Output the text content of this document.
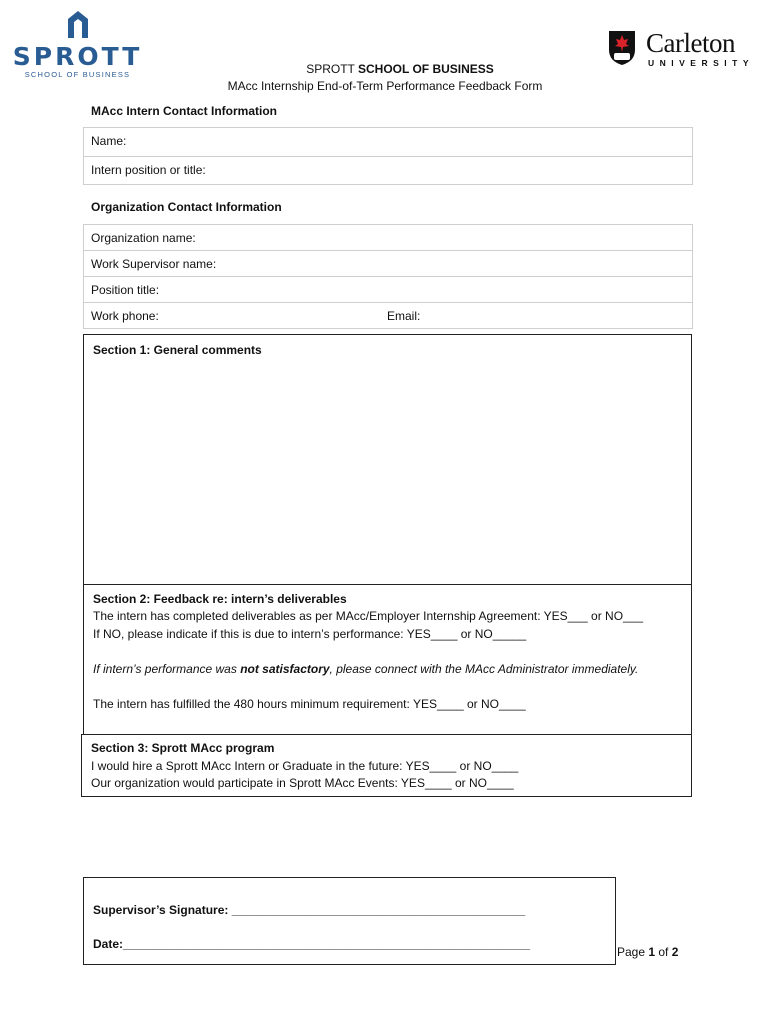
SPROTT
SCHOOL OF BUSINESS
Carleton
UNIVERSITY
SPROTT SCHOOL OF BUSINESS
MAcc Internship End-of-Term Performance Feedback Form
MAcc Intern Contact Information
Name:
Intern position or title:
Organization Contact Information
Organization name:
Work Supervisor name:
Position title:
Work phone:	Email:
Section 1: General comments
Section 2: Feedback re: intern’s deliverables
The intern has completed deliverables as per MAcc/Employer Internship Agreement: YES___ or NO___
If NO, please indicate if this is due to intern’s performance: YES____ or NO_____
If intern’s performance was not satisfactory, please connect with the MAcc Administrator immediately.
The intern has fulfilled the 480 hours minimum requirement: YES____ or NO____
Section 3: Sprott MAcc program
I would hire a Sprott MAcc Intern or Graduate in the future: YES____ or NO____
Our organization would participate in Sprott MAcc Events: YES____ or NO____
Supervisor’s Signature: ____________________________________________
Date:_____________________________________________________________
Page 1 of 2
